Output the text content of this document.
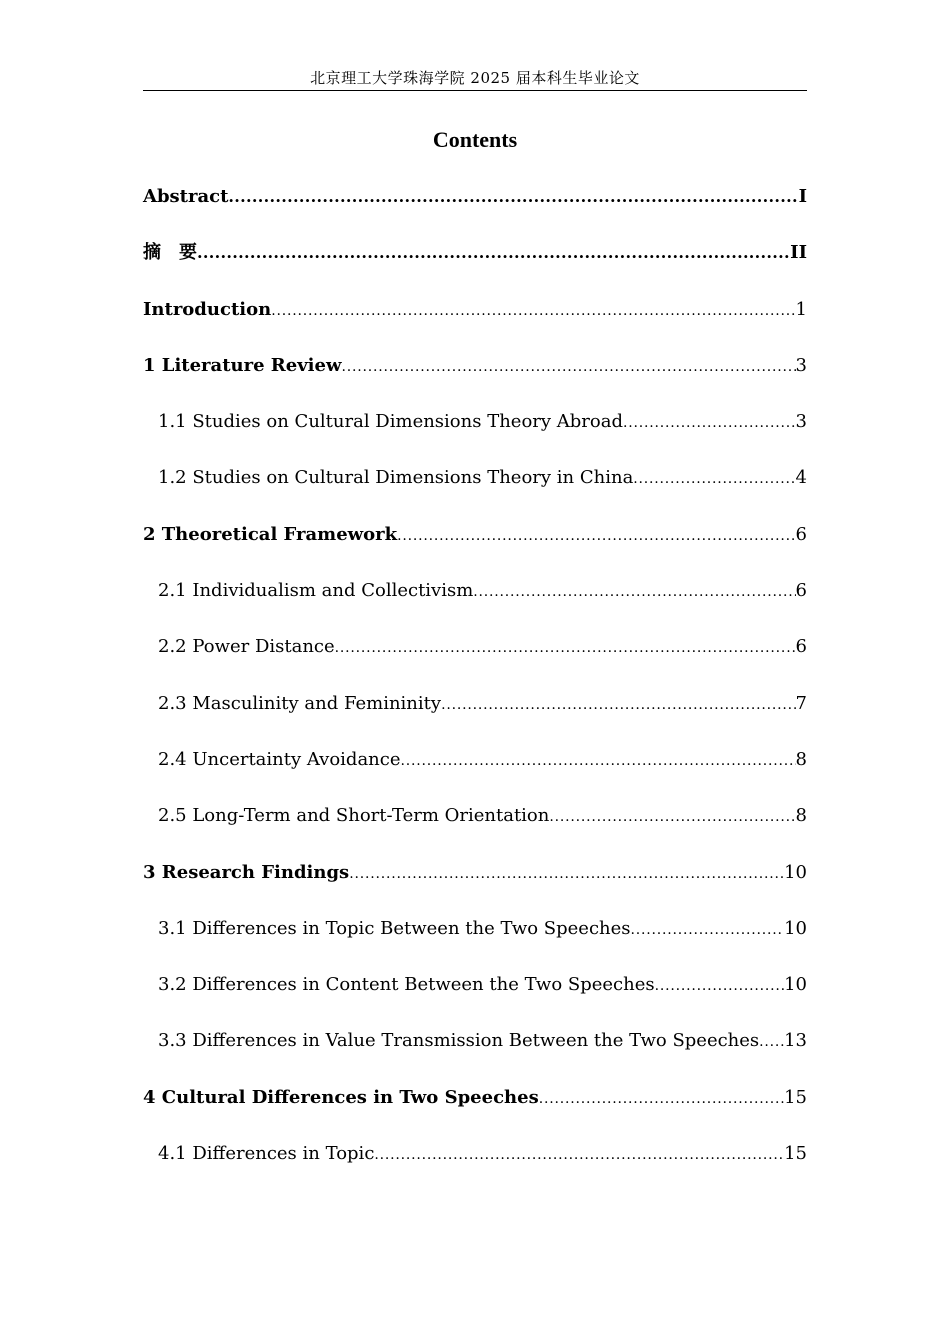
北京理工大学珠海学院 2025 届本科生毕业论文
Contents
Abstract .....	I
摘　要 .....	II
Introduction .....	1
1 Literature Review .....	3
1.1 Studies on Cultural Dimensions Theory Abroad .....	3
1.2 Studies on Cultural Dimensions Theory in China .....	4
2 Theoretical Framework .....	6
2.1 Individualism and Collectivism .....	6
2.2 Power Distance .....	6
2.3 Masculinity and Femininity .....	7
2.4 Uncertainty Avoidance .....	8
2.5 Long-Term and Short-Term Orientation .....	8
3 Research Findings .....	10
3.1 Differences in Topic Between the Two Speeches .....	10
3.2 Differences in Content Between the Two Speeches .....	10
3.3 Differences in Value Transmission Between the Two Speeches ..... 13
4 Cultural Differences in Two Speeches .....	15
4.1 Differences in Topic .....	15
